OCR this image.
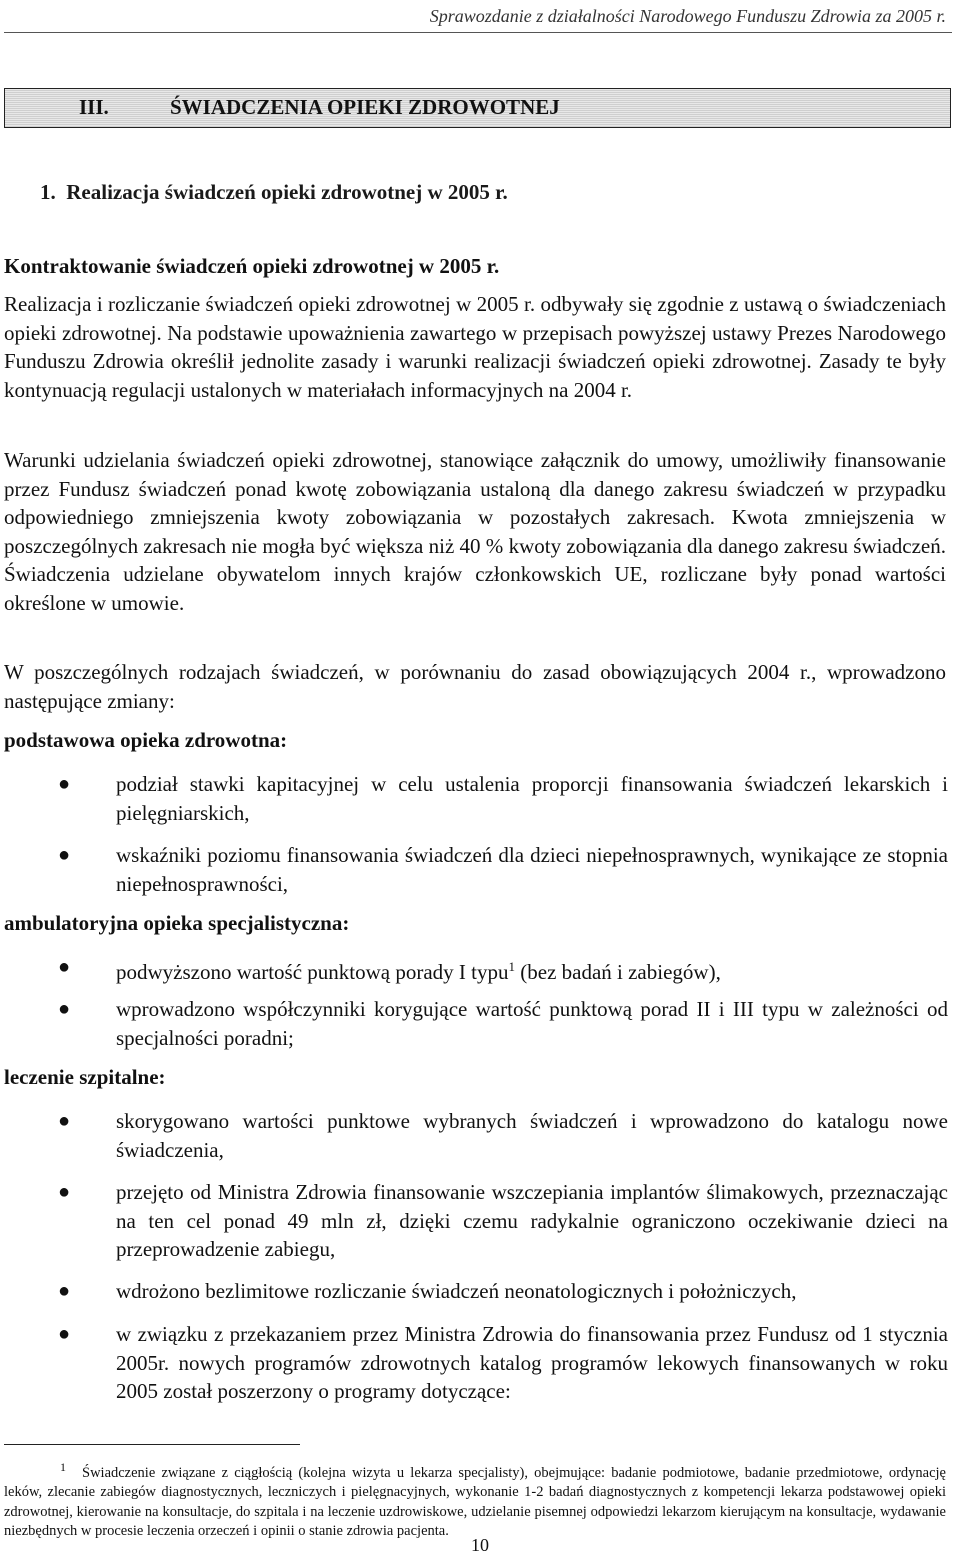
Sprawozdanie z działalności Narodowego Funduszu Zdrowia za 2005 r.
III.	ŚWIADCZENIA OPIEKI ZDROWOTNEJ
1.  Realizacja świadczeń opieki zdrowotnej w 2005 r.
Kontraktowanie świadczeń opieki zdrowotnej w 2005 r.

Realizacja i rozliczanie świadczeń opieki zdrowotnej w 2005 r. odbywały się zgodnie z ustawą o świadczeniach opieki zdrowotnej. Na podstawie upoważnienia zawartego w przepisach powyższej ustawy Prezes Narodowego Funduszu Zdrowia określił jednolite zasady i warunki realizacji świadczeń opieki zdrowotnej. Zasady te były kontynuacją regulacji ustalonych w materiałach informacyjnych na 2004 r.

Warunki udzielania świadczeń opieki zdrowotnej, stanowiące załącznik do umowy, umożliwiły finansowanie przez Fundusz świadczeń ponad kwotę zobowiązania ustaloną dla danego zakresu świadczeń w przypadku odpowiedniego zmniejszenia kwoty zobowiązania w pozostałych zakresach. Kwota zmniejszenia w poszczególnych zakresach nie mogła być większa niż 40 % kwoty zobowiązania dla danego zakresu świadczeń. Świadczenia udzielane obywatelom innych krajów członkowskich UE, rozliczane były ponad wartości określone w umowie.

W poszczególnych rodzajach świadczeń, w porównaniu do zasad obowiązujących 2004 r., wprowadzono następujące zmiany:

podstawowa opieka zdrowotna:
● podział stawki kapitacyjnej w celu ustalenia proporcji finansowania świadczeń lekarskich i pielęgniarskich,

● wskaźniki poziomu finansowania świadczeń dla dzieci niepełnosprawnych, wynikające ze stopnia niepełnosprawności,

ambulatoryjna opieka specjalistyczna:
● podwyższono wartość punktową porady I typu$^1$ (bez badań i zabiegów),

● wprowadzono współczynniki korygujące wartość punktową porad II i III typu w zależności od specjalności poradni;

leczenie szpitalne:
● skorygowano wartości punktowe wybranych świadczeń i wprowadzono do katalogu nowe świadczenia,

● przejęto od Ministra Zdrowia finansowanie wszczepiania implantów ślimakowych, przeznaczając na ten cel ponad 49 mln zł, dzięki czemu radykalnie ograniczono oczekiwanie dzieci na przeprowadzenie zabiegu,

● wdrożono bezlimitowe rozliczanie świadczeń neonatologicznych i położniczych,

● w związku z przekazaniem przez Ministra Zdrowia do finansowania przez Fundusz od 1 stycznia 2005r. nowych programów zdrowotnych katalog programów lekowych finansowanych w roku 2005 został poszerzony o programy dotyczące:

$^1$ Świadczenie związane z ciągłością (kolejna wizyta u lekarza specjalisty), obejmujące: badanie podmiotowe, badanie przedmiotowe, ordynację leków, zlecanie zabiegów diagnostycznych, leczniczych i pielęgnacyjnych, wykonanie 1-2 badań diagnostycznych z kompetencji lekarza podstawowej opieki zdrowotnej, kierowanie na konsultacje, do szpitala i na leczenie uzdrowiskowe, udzielanie pisemnej odpowiedzi lekarzom kierującym na konsultacje, wydawanie niezbędnych w procesie leczenia orzeczeń i opinii o stanie zdrowia pacjenta.

10
